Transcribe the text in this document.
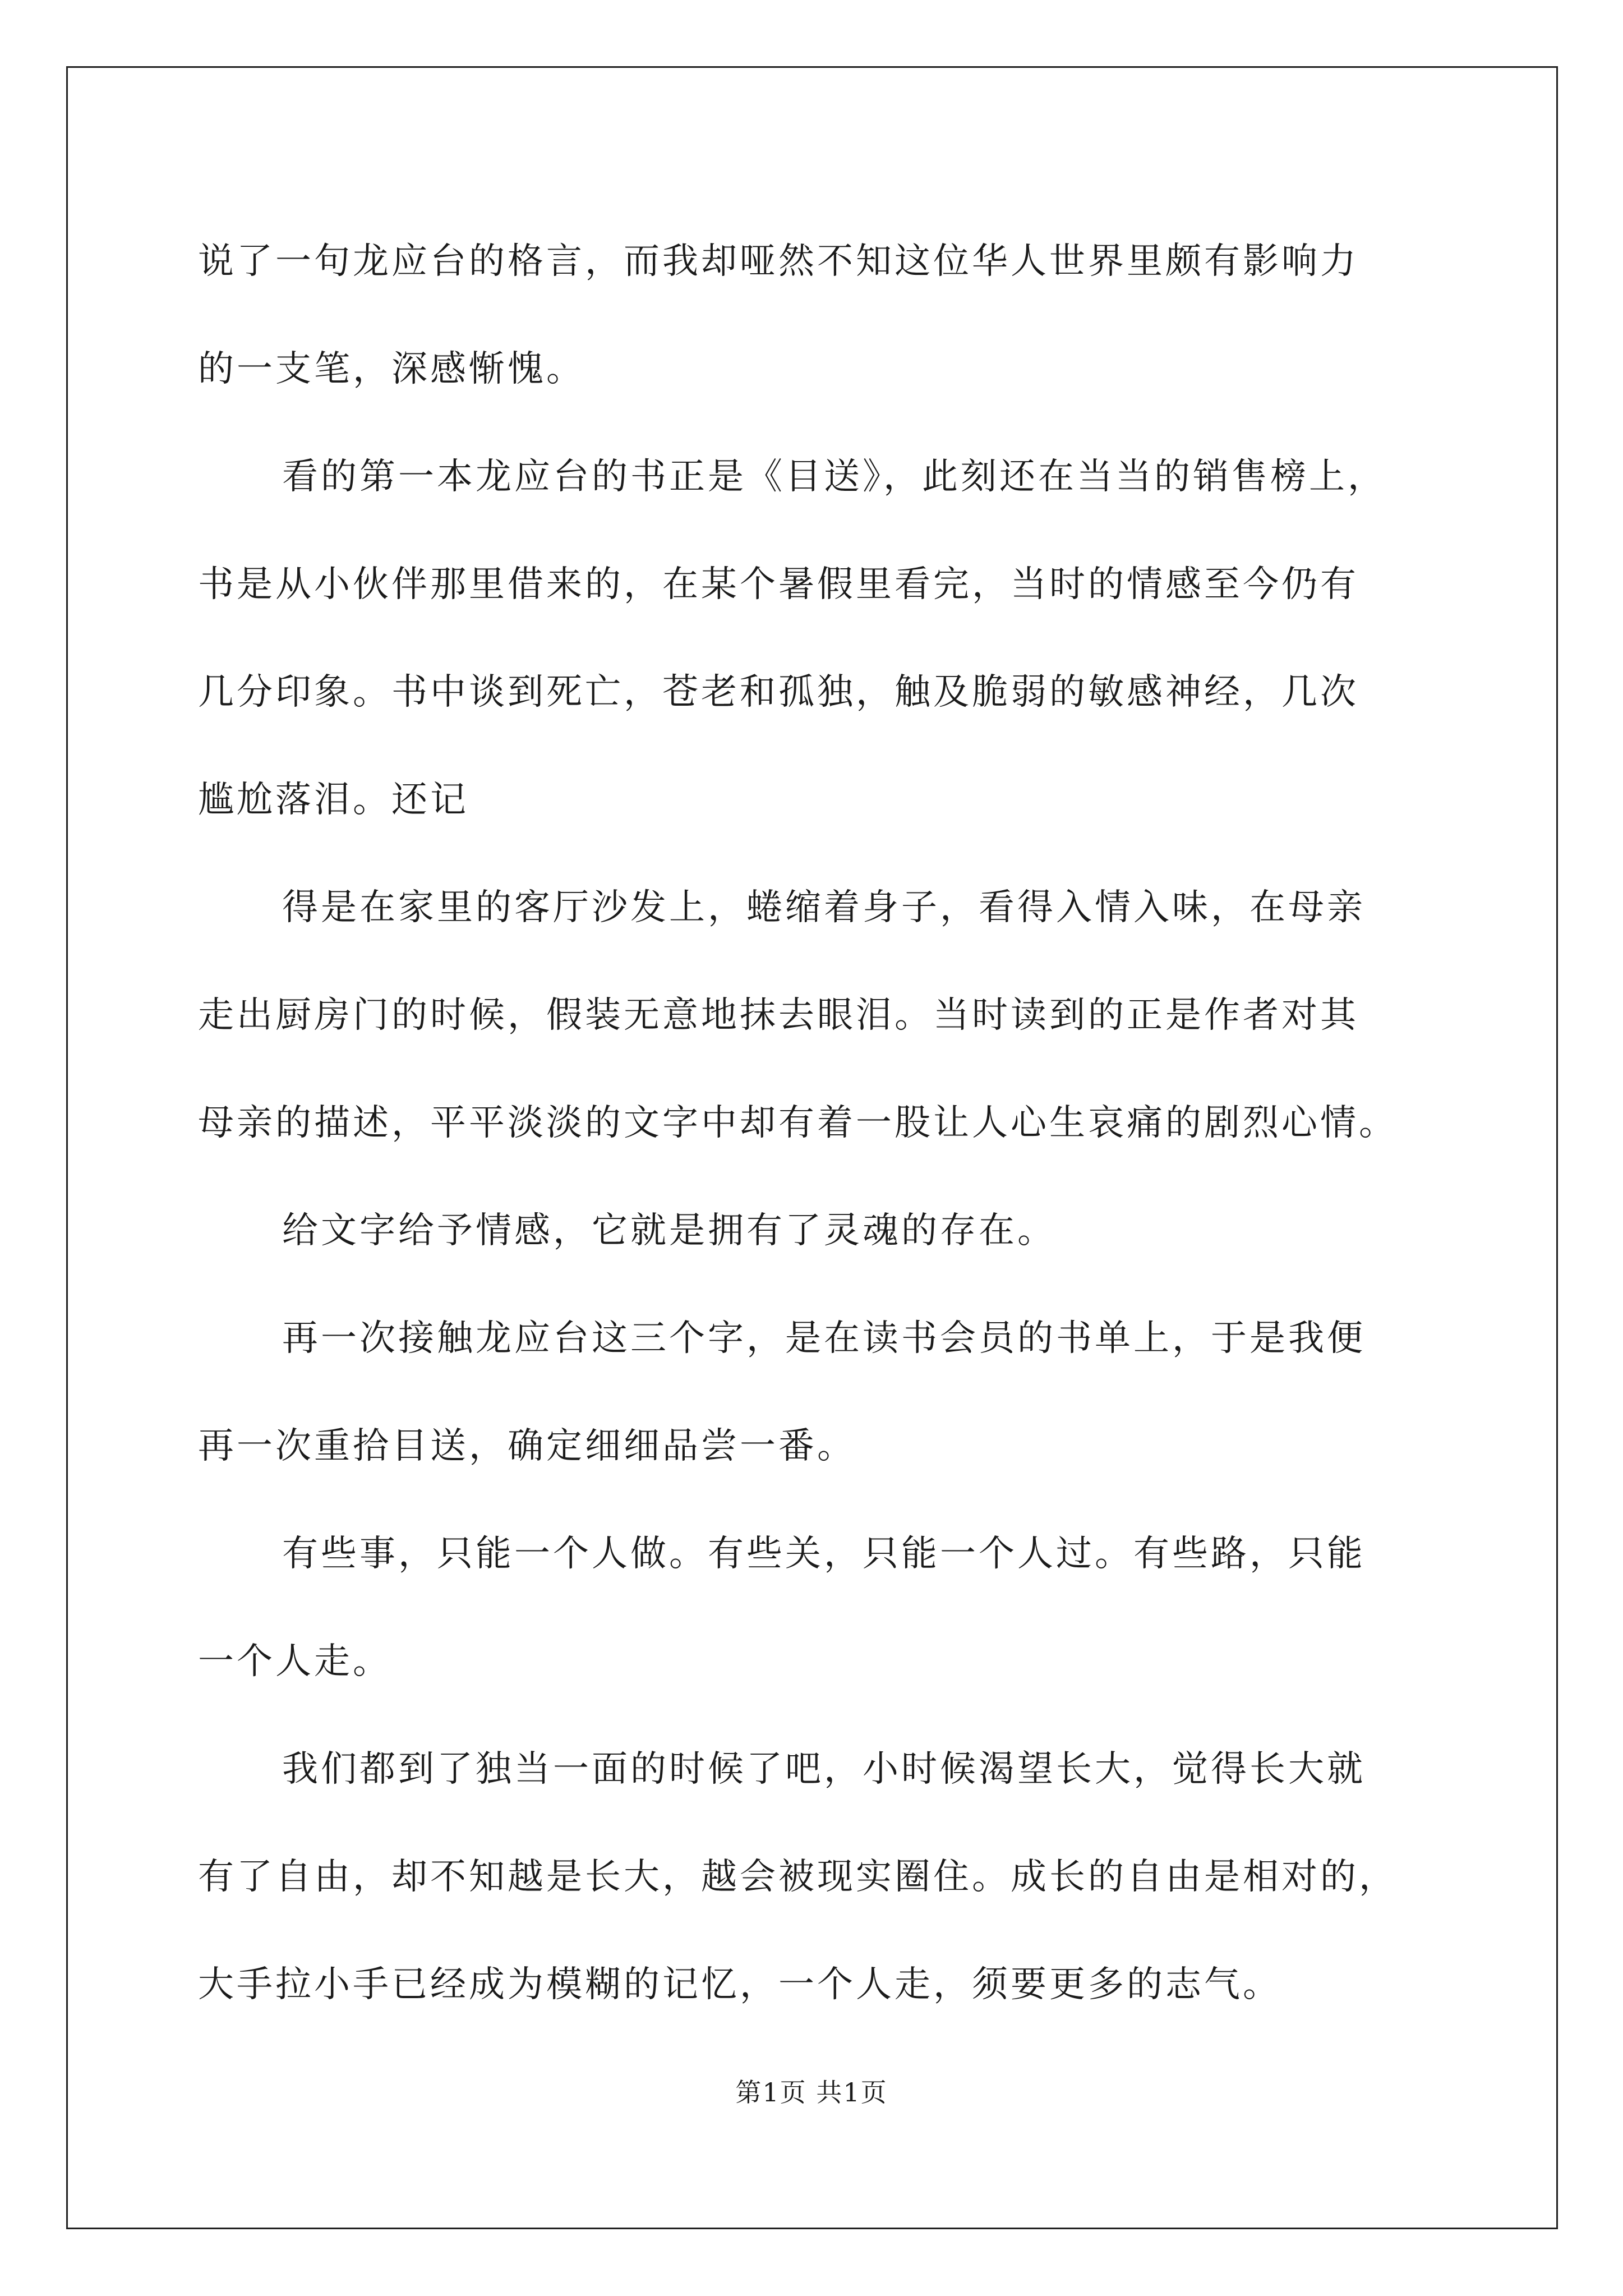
说了一句龙应台的格言，而我却哑然不知这位华人世界里颇有影响力
的一支笔，深感惭愧。

看的第一本龙应台的书正是《目送》，此刻还在当当的销售榜上，
书是从小伙伴那里借来的，在某个暑假里看完，当时的情感至今仍有
几分印象。书中谈到死亡，苍老和孤独，触及脆弱的敏感神经，几次
尴尬落泪。还记

得是在家里的客厅沙发上，蜷缩着身子，看得入情入味，在母亲
走出厨房门的时候，假装无意地抹去眼泪。当时读到的正是作者对其
母亲的描述，平平淡淡的文字中却有着一股让人心生哀痛的剧烈心情。

给文字给予情感，它就是拥有了灵魂的存在。

再一次接触龙应台这三个字，是在读书会员的书单上，于是我便
再一次重拾目送，确定细细品尝一番。

有些事，只能一个人做。有些关，只能一个人过。有些路，只能
一个人走。

我们都到了独当一面的时候了吧，小时候渴望长大，觉得长大就
有了自由，却不知越是长大，越会被现实圈住。成长的自由是相对的，
大手拉小手已经成为模糊的记忆，一个人走，须要更多的志气。

第1页 共1页
